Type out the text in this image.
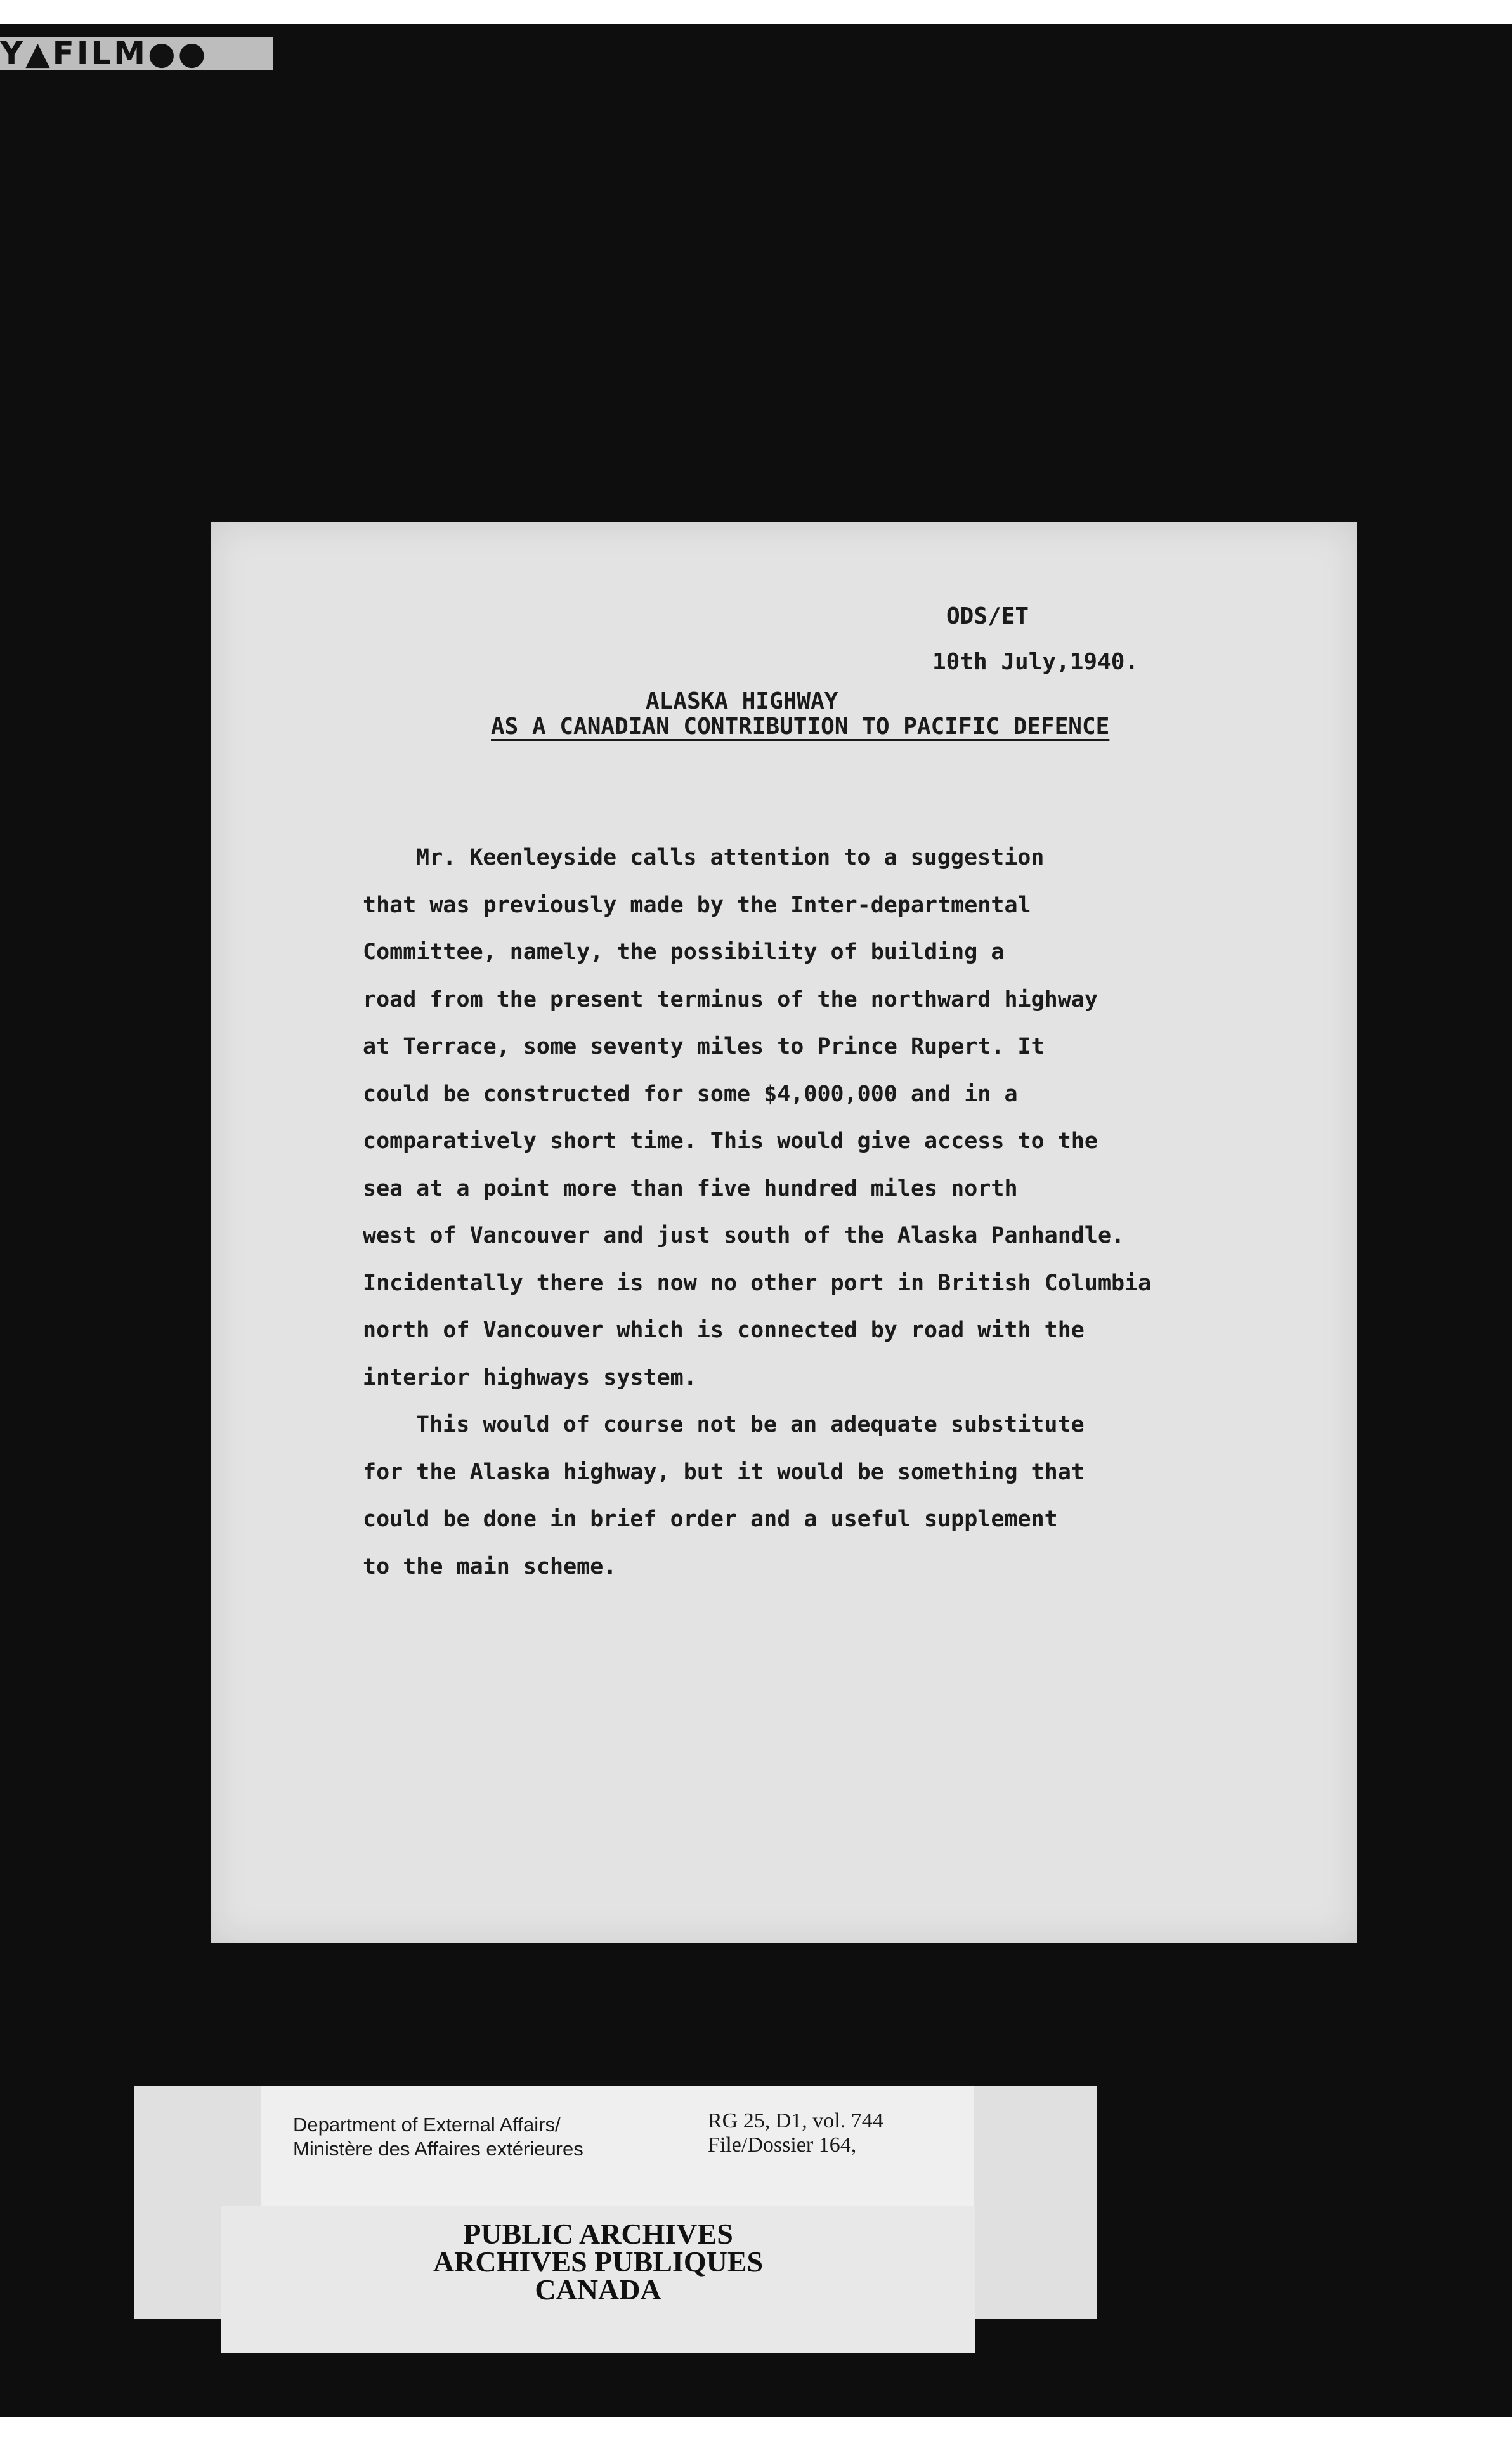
Y▲FILM●●
ODS/ET
10th July,1940.
ALASKA HIGHWAY
AS A CANADIAN CONTRIBUTION TO PACIFIC DEFENCE
Mr. Keenleyside calls attention to a suggestion
that was previously made by the Inter-departmental
Committee, namely, the possibility of building a
road from the present terminus of the northward highway
at Terrace, some seventy miles to Prince Rupert. It
could be constructed for some $4,000,000 and in a
comparatively short time. This would give access to the
sea at a point more than five hundred miles north
west of Vancouver and just south of the Alaska Panhandle.
Incidentally there is now no other port in British Columbia
north of Vancouver which is connected by road with the
interior highways system.
This would of course not be an adequate substitute
for the Alaska highway, but it would be something that
could be done in brief order and a useful supplement
to the main scheme.
Department of External Affairs/
Ministère des Affaires extérieures
RG 25, D1, vol. 744
File/Dossier 164,
PUBLIC ARCHIVES
ARCHIVES PUBLIQUES
CANADA
